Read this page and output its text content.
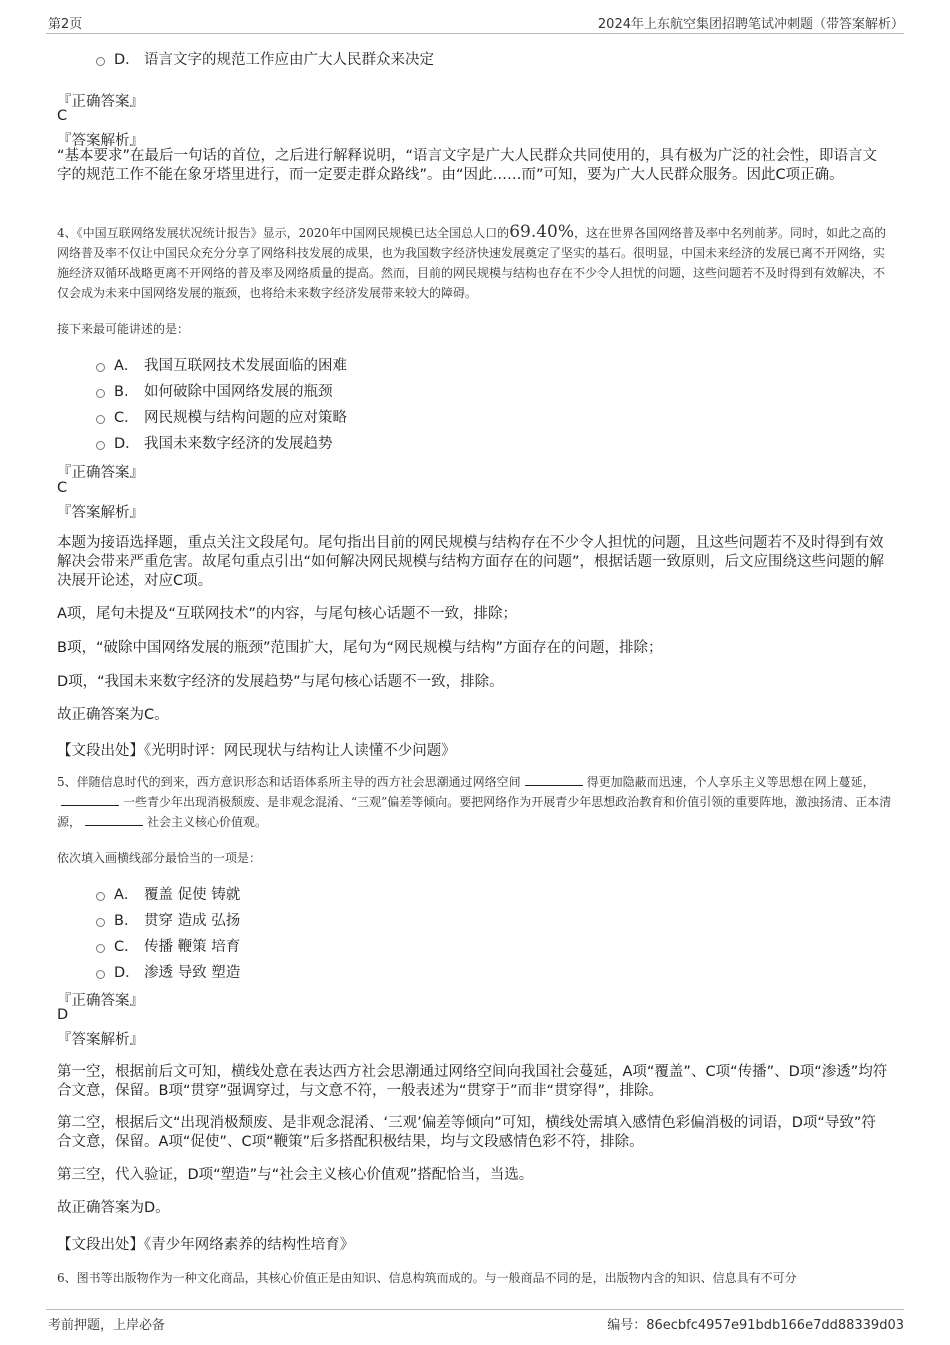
第2页	2024年上东航空集团招聘笔试冲刺题（带答案解析）
D． 语言文字的规范工作应由广大人民群众来决定
『正确答案』
C
『答案解析』
“基本要求”在最后一句话的首位，之后进行解释说明，“语言文字是广大人民群众共同使用的，具有极为广泛的社会性，即语言文字的规范工作不能在象牙塔里进行，而一定要走群众路线”。由“因此……而”可知，要为广大人民群众服务。因此C项正确。
4、《中国互联网络发展状况统计报告》显示，2020年中国网民规模已达全国总人口的69.40%，这在世界各国网络普及率中名列前茅。同时，如此之高的网络普及率不仅让中国民众充分分享了网络科技发展的成果，也为我国数字经济快速发展奠定了坚实的基石。很明显，中国未来经济的发展已离不开网络，实施经济双循环战略更离不开网络的普及率及网络质量的提高。然而，目前的网民规模与结构也存在不少令人担忧的问题，这些问题若不及时得到有效解决，不仅会成为未来中国网络发展的瓶颈，也将给未来数字经济发展带来较大的障碍。
接下来最可能讲述的是：
A． 我国互联网技术发展面临的困难
B． 如何破除中国网络发展的瓶颈
C． 网民规模与结构问题的应对策略
D． 我国未来数字经济的发展趋势
『正确答案』
C
『答案解析』
本题为接语选择题，重点关注文段尾句。尾句指出目前的网民规模与结构存在不少令人担忧的问题，且这些问题若不及时得到有效解决会带来严重危害。故尾句重点引出“如何解决网民规模与结构方面存在的问题”，根据话题一致原则，后文应围绕这些问题的解决展开论述，对应C项。
A项，尾句未提及“互联网技术”的内容，与尾句核心话题不一致，排除；
B项，“破除中国网络发展的瓶颈”范围扩大，尾句为“网民规模与结构”方面存在的问题，排除；
D项，“我国未来数字经济的发展趋势”与尾句核心话题不一致，排除。
故正确答案为C。
【文段出处】《光明时评：网民现状与结构让人读懂不少问题》
5、伴随信息时代的到来，西方意识形态和话语体系所主导的西方社会思潮通过网络空间	得更加隐蔽而迅速，个人享乐主义等思想在网上蔓延，一些青少年出现消极颓废、是非观念混淆、“三观”偏差等倾向。要把网络作为开展青少年思想政治教育和价值引领的重要阵地，激浊扬清、正本清源，	社会主义核心价值观。
依次填入画横线部分最恰当的一项是：
A． 覆盖 促使 铸就
B． 贯穿 造成 弘扬
C． 传播 鞭策 培育
D． 渗透 导致 塑造
『正确答案』
D
『答案解析』
第一空，根据前后文可知，横线处意在表达西方社会思潮通过网络空间向我国社会蔓延，A项“覆盖”、C项“传播”、D项“渗透”均符合文意，保留。B项“贯穿”强调穿过，与文意不符，一般表述为“贯穿于”而非“贯穿得”，排除。
第二空，根据后文“出现消极颓废、是非观念混淆、‘三观’偏差等倾向”可知，横线处需填入感情色彩偏消极的词语，D项“导致”符合文意，保留。A项“促使”、C项“鞭策”后多搭配积极结果，均与文段感情色彩不符，排除。
第三空，代入验证，D项“塑造”与“社会主义核心价值观”搭配恰当，当选。
故正确答案为D。
【文段出处】《青少年网络素养的结构性培育》
6、图书等出版物作为一种文化商品，其核心价值正是由知识、信息构筑而成的。与一般商品不同的是，出版物内含的知识、信息具有不可分
考前押题，上岸必备	编号：86ecbfc4957e91bdb166e7dd88339d03
